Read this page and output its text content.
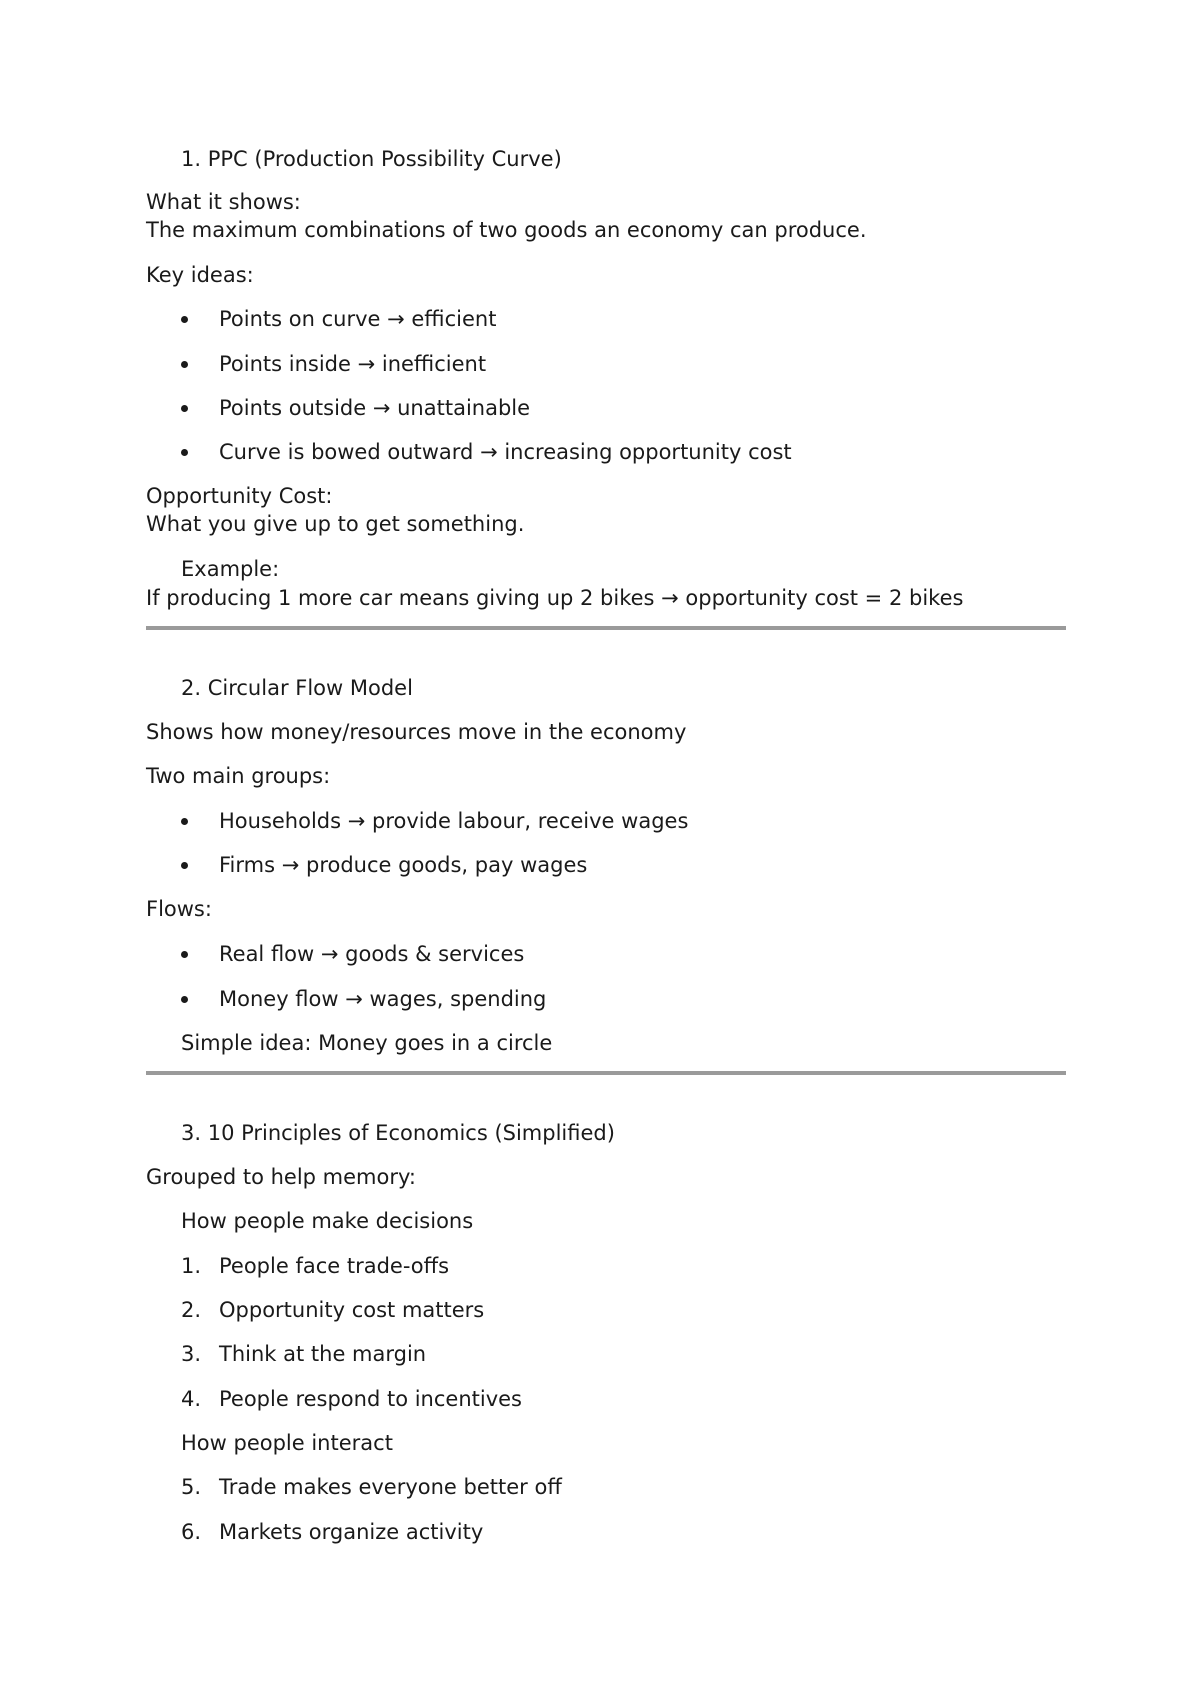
1. PPC (Production Possibility Curve)
What it shows:
The maximum combinations of two goods an economy can produce.
Key ideas:
Points on curve → efficient
Points inside → inefficient
Points outside → unattainable
Curve is bowed outward → increasing opportunity cost
Opportunity Cost:
What you give up to get something.
Example:
If producing 1 more car means giving up 2 bikes → opportunity cost = 2 bikes
2. Circular Flow Model
Shows how money/resources move in the economy
Two main groups:
Households → provide labour, receive wages
Firms → produce goods, pay wages
Flows:
Real flow → goods & services
Money flow → wages, spending
Simple idea: Money goes in a circle
3. 10 Principles of Economics (Simplified)
Grouped to help memory:
How people make decisions
1. People face trade-offs
2. Opportunity cost matters
3. Think at the margin
4. People respond to incentives
How people interact
5. Trade makes everyone better off
6. Markets organize activity
